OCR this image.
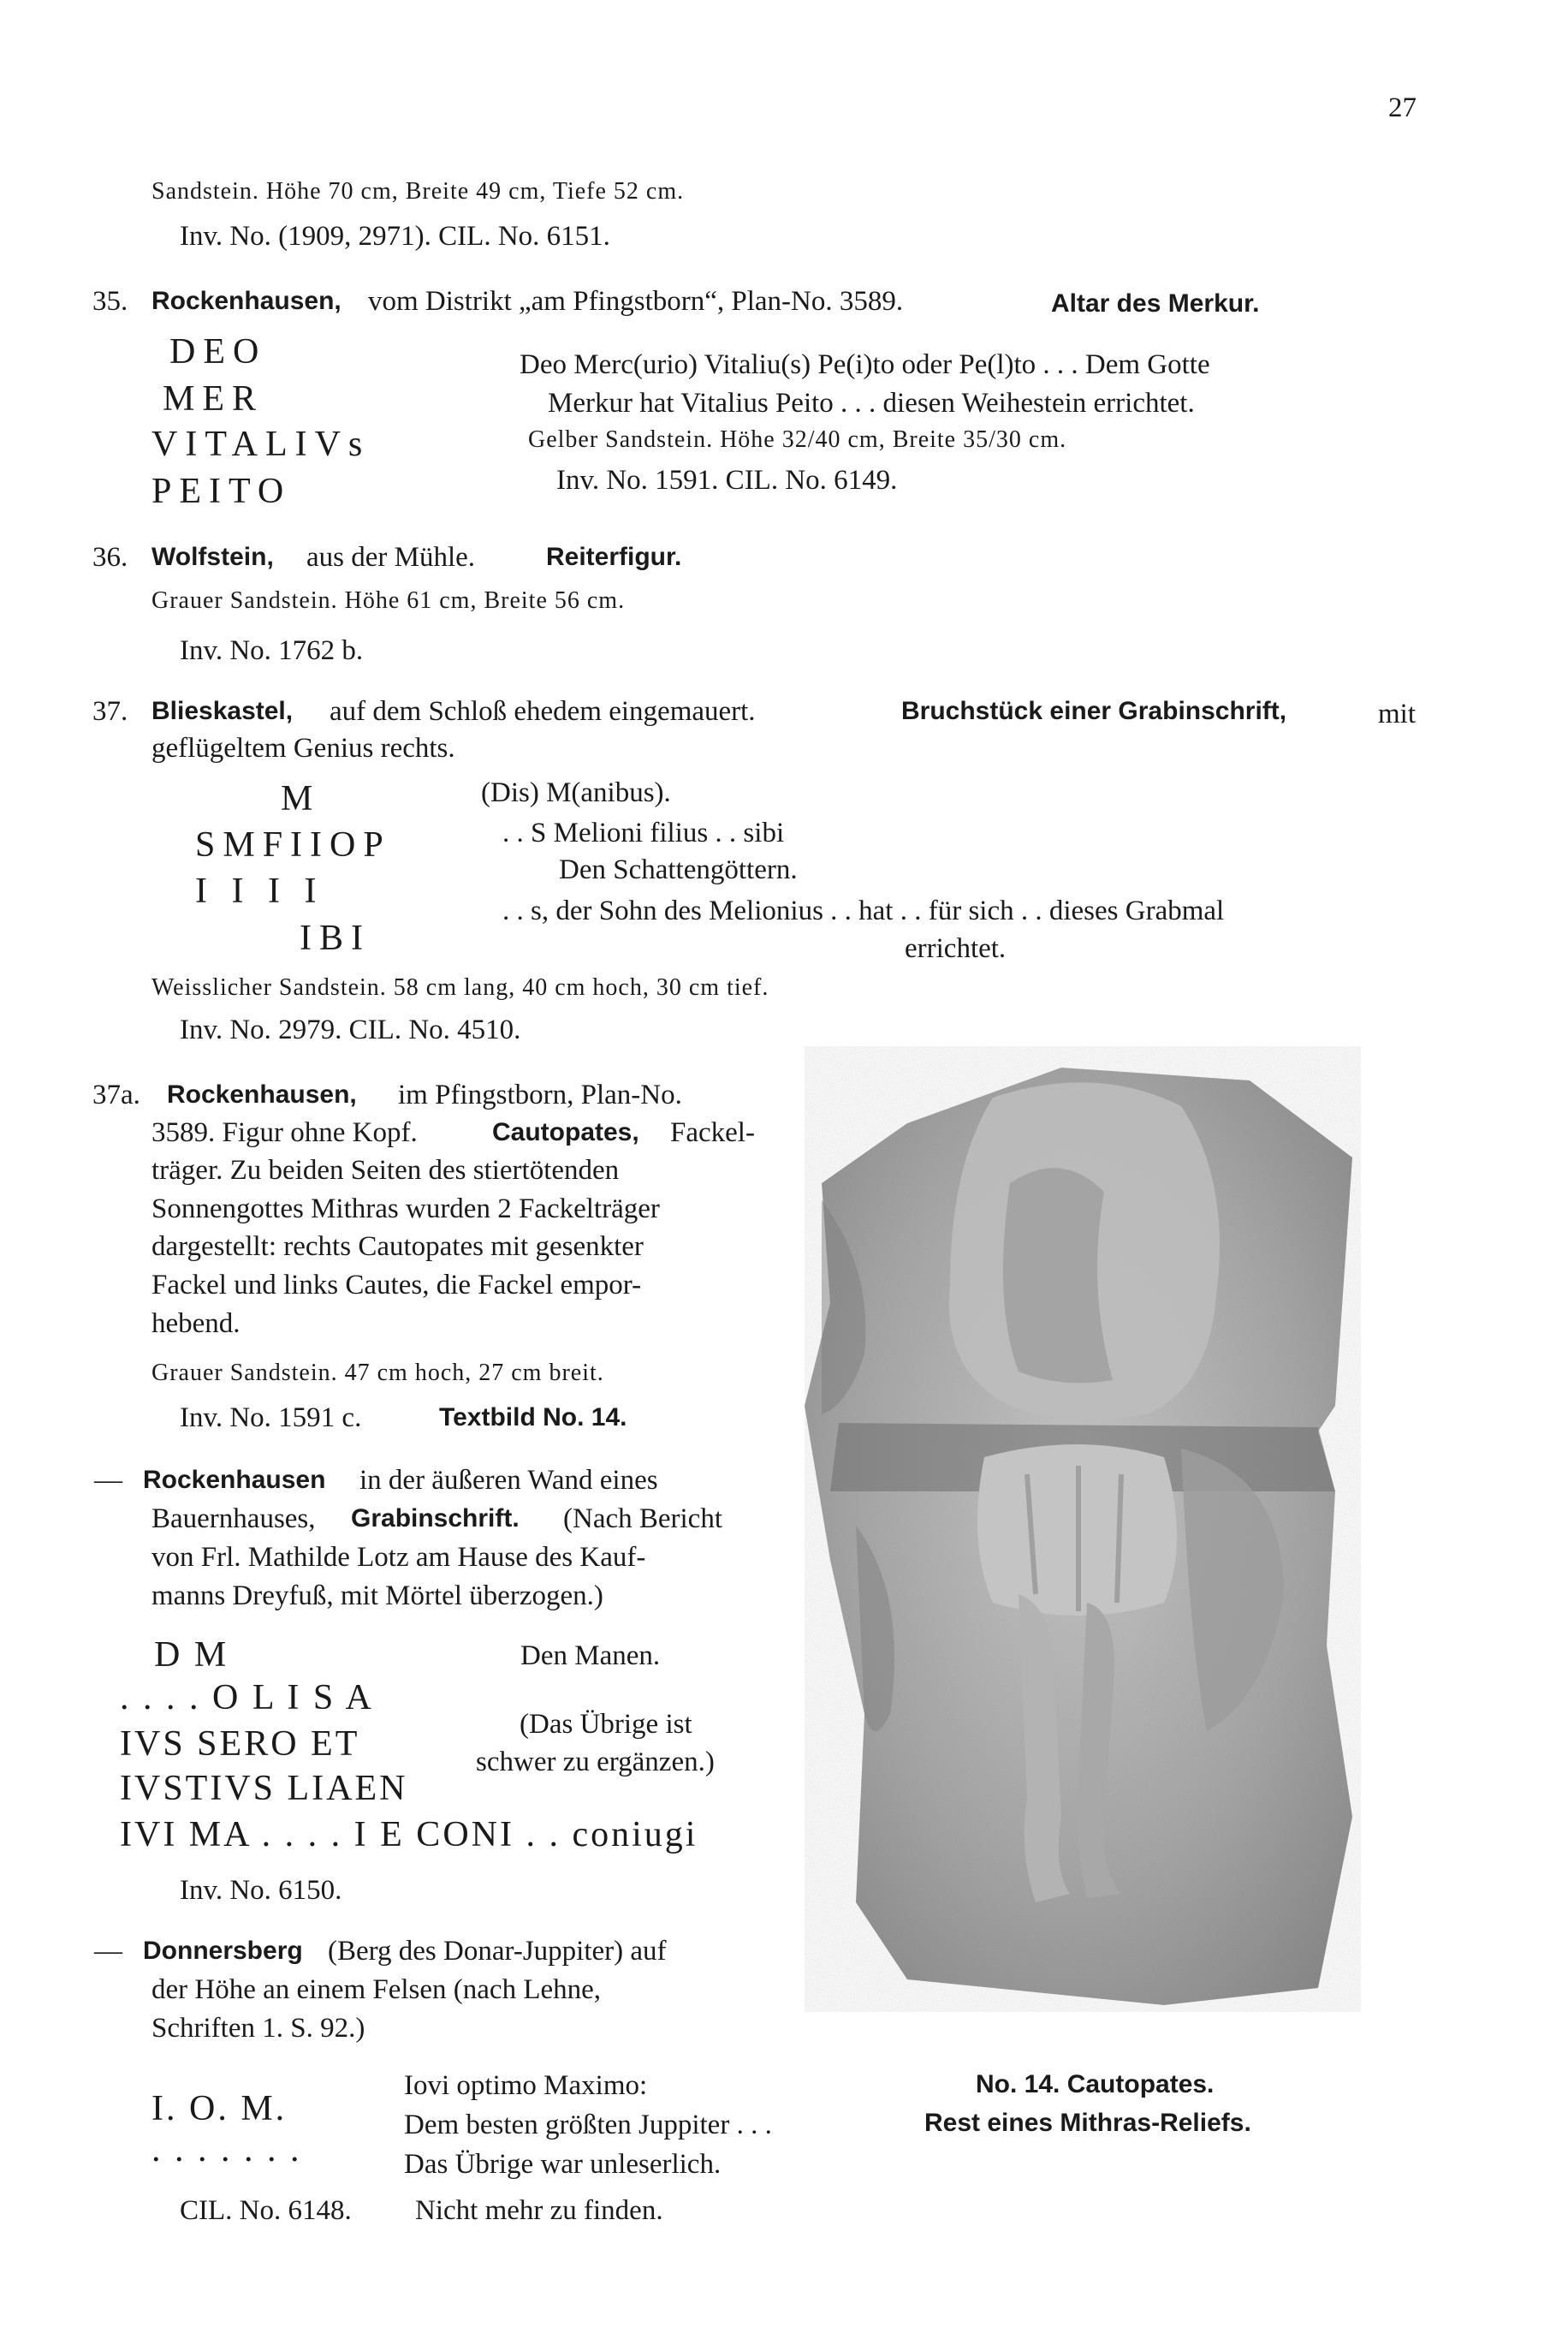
27
Sandstein. Höhe 70 cm, Breite 49 cm, Tiefe 52 cm.
Inv. No. (1909, 2971). CIL. No. 6151.
35. Rockenhausen, vom Distrikt „am Pfingstborn“, Plan-No. 3589.	Altar des Merkur.
DEO
MER
VITALIVs
PEITO
Deo Merc(urio) Vitaliu(s) Pe(i)to oder Pe(l)to . . . Dem Gotte
Merkur hat Vitalius Peito . . . diesen Weihestein errichtet.
Gelber Sandstein. Höhe 32/40 cm, Breite 35/30 cm.
Inv. No. 1591. CIL. No. 6149.
36. Wolfstein, aus der Mühle.	Reiterfigur.
Grauer Sandstein. Höhe 61 cm, Breite 56 cm.
Inv. No. 1762 b.
37. Blieskastel, auf dem Schloß ehedem eingemauert.	Bruchstück einer Grabinschrift,	mit
geflügeltem Genius rechts.
M
SMFIIOP
I I I I
IBI
(Dis) M(anibus).
. . S Melioni filius . . sibi
Den Schattengöttern.
. . s, der Sohn des Melionius . . hat . . für sich . . dieses Grabmal
errichtet.
Weisslicher Sandstein. 58 cm lang, 40 cm hoch, 30 cm tief.
Inv. No. 2979. CIL. No. 4510.
37a. Rockenhausen, im Pfingstborn, Plan-No.
3589. Figur ohne Kopf.	Cautopates, Fackel-
träger. Zu beiden Seiten des stiertötenden
Sonnengottes Mithras wurden 2 Fackelträger
dargestellt: rechts Cautopates mit gesenkter
Fackel und links Cautes, die Fackel empor-
hebend.
Grauer Sandstein. 47 cm hoch, 27 cm breit.
Inv. No. 1591 c.	Textbild No. 14.
— Rockenhausen in der äußeren Wand eines
Bauernhauses, Grabinschrift. (Nach Bericht
von Frl. Mathilde Lotz am Hause des Kauf-
manns Dreyfuß, mit Mörtel überzogen.)
D M
. . . . O L I S A
IVS SERO ET
IVSTIVS LIAEN
IVI MA . . . . I E CONI . . coniugi
Den Manen.
(Das Übrige ist
schwer zu ergänzen.)
Inv. No. 6150.
— Donnersberg (Berg des Donar-Juppiter) auf
der Höhe an einem Felsen (nach Lehne,
Schriften 1. S. 92.)
I. O. M.
. . . . . . .
Iovi optimo Maximo:
Dem besten größten Juppiter . . .
Das Übrige war unleserlich.
CIL. No. 6148. Nicht mehr zu finden.
No. 14. Cautopates.
Rest eines Mithras-Reliefs.
